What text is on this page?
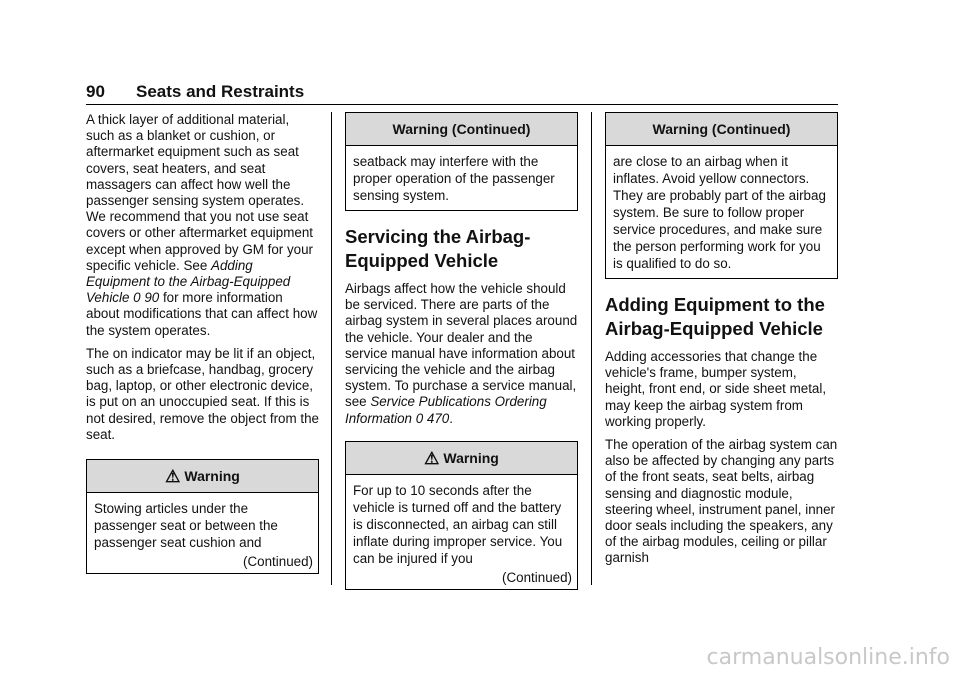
90 Seats and Restraints

A thick layer of additional material, such as a blanket or cushion, or aftermarket equipment such as seat covers, seat heaters, and seat massagers can affect how well the passenger sensing system operates. We recommend that you not use seat covers or other aftermarket equipment except when approved by GM for your specific vehicle. See Adding Equipment to the Airbag-Equipped Vehicle 0 90 for more information about modifications that can affect how the system operates.

The on indicator may be lit if an object, such as a briefcase, handbag, grocery bag, laptop, or other electronic device, is put on an unoccupied seat. If this is not desired, remove the object from the seat.

⚠ Warning
Stowing articles under the passenger seat or between the passenger seat cushion and
(Continued)
Warning (Continued)
seatback may interfere with the proper operation of the passenger sensing system.
Servicing the Airbag-Equipped Vehicle

Airbags affect how the vehicle should be serviced. There are parts of the airbag system in several places around the vehicle. Your dealer and the service manual have information about servicing the vehicle and the airbag system. To purchase a service manual, see Service Publications Ordering Information 0 470.

⚠ Warning
For up to 10 seconds after the vehicle is turned off and the battery is disconnected, an airbag can still inflate during improper service. You can be injured if you
(Continued)
Warning (Continued)
are close to an airbag when it inflates. Avoid yellow connectors. They are probably part of the airbag system. Be sure to follow proper service procedures, and make sure the person performing work for you is qualified to do so.
Adding Equipment to the Airbag-Equipped Vehicle

Adding accessories that change the vehicle's frame, bumper system, height, front end, or side sheet metal, may keep the airbag system from working properly.

The operation of the airbag system can also be affected by changing any parts of the front seats, seat belts, airbag sensing and diagnostic module, steering wheel, instrument panel, inner door seals including the speakers, any of the airbag modules, ceiling or pillar garnish

carmanualsonline.info
